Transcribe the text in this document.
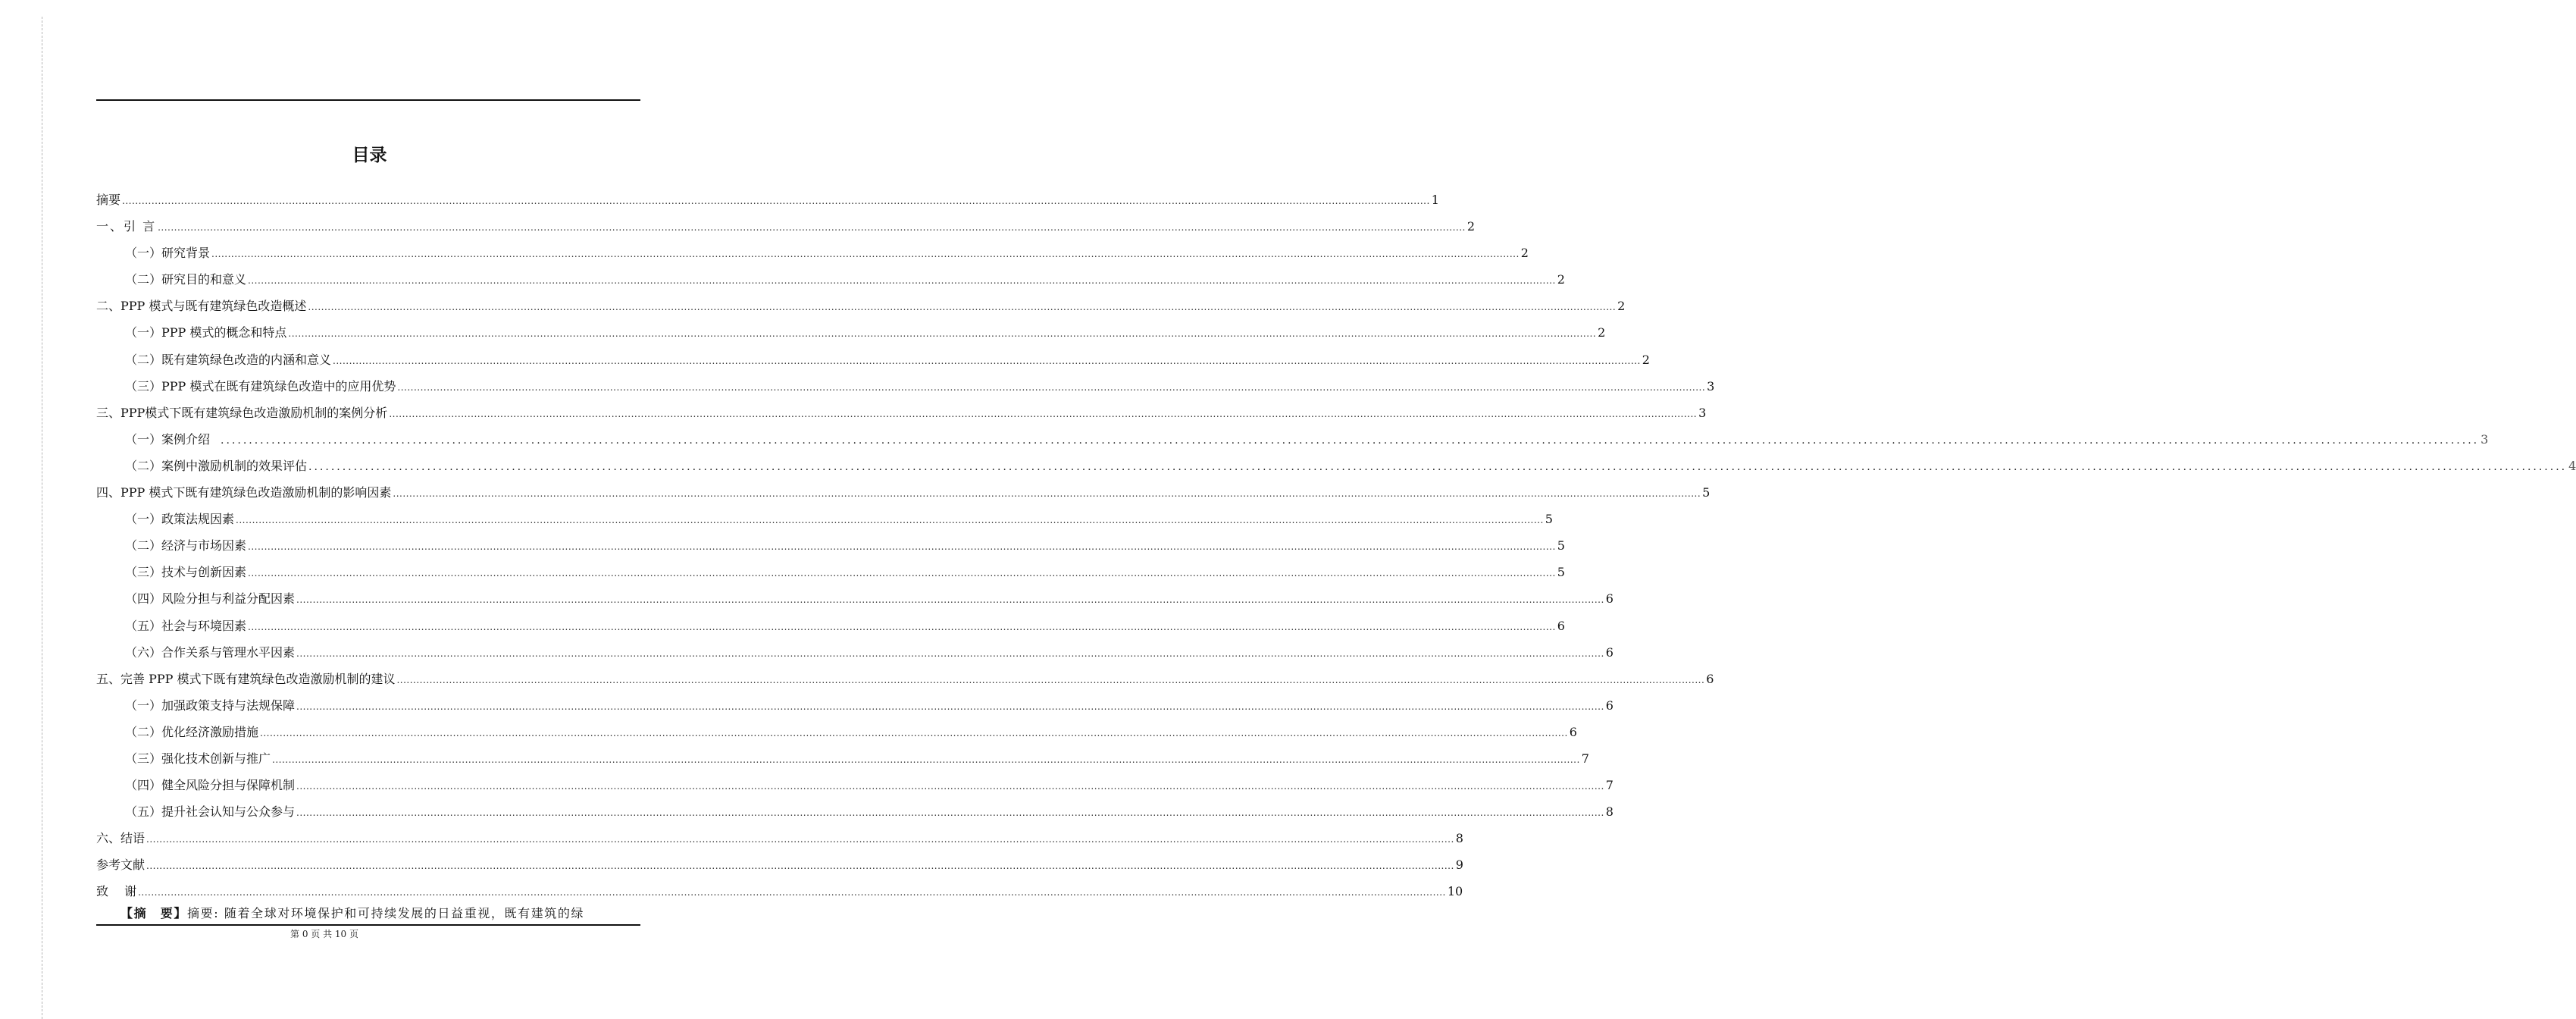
目录
摘要 ................................................................................................................................................................................................................................................................................................................................................................................................................ 1
一、引 言 ................................................................................................................................................................................................................................................................................................................................................................................................................ 2
（一）研究背景 ................................................................................................................................................................................................................................................................................................................................................................................................................ 2
（二）研究目的和意义 ................................................................................................................................................................................................................................................................................................................................................................................................................ 2
二、PPP 模式与既有建筑绿色改造概述 ................................................................................................................................................................................................................................................................................................................................................................................................................ 2
（一）PPP 模式的概念和特点 ................................................................................................................................................................................................................................................................................................................................................................................................................ 2
（二）既有建筑绿色改造的内涵和意义 ................................................................................................................................................................................................................................................................................................................................................................................................................ 2
（三）PPP 模式在既有建筑绿色改造中的应用优势 ................................................................................................................................................................................................................................................................................................................................................................................................................ 3
三、PPP模式下既有建筑绿色改造激励机制的案例分析 ................................................................................................................................................................................................................................................................................................................................................................................................................ 3
（一）案例介绍 ................................................................................................................................................................................................................................................................................................................................................................................................................ 3
（二）案例中激励机制的效果评估 ................................................................................................................................................................................................................................................................................................................................................................................................................ 4
四、PPP 模式下既有建筑绿色改造激励机制的影响因素 ................................................................................................................................................................................................................................................................................................................................................................................................................ 5
（一）政策法规因素 ................................................................................................................................................................................................................................................................................................................................................................................................................ 5
（二）经济与市场因素 ................................................................................................................................................................................................................................................................................................................................................................................................................ 5
（三）技术与创新因素 ................................................................................................................................................................................................................................................................................................................................................................................................................ 5
（四）风险分担与利益分配因素 ................................................................................................................................................................................................................................................................................................................................................................................................................ 6
（五）社会与环境因素 ................................................................................................................................................................................................................................................................................................................................................................................................................ 6
（六）合作关系与管理水平因素 ................................................................................................................................................................................................................................................................................................................................................................................................................ 6
五、完善 PPP 模式下既有建筑绿色改造激励机制的建议 ................................................................................................................................................................................................................................................................................................................................................................................................................ 6
（一）加强政策支持与法规保障 ................................................................................................................................................................................................................................................................................................................................................................................................................ 6
（二）优化经济激励措施 ................................................................................................................................................................................................................................................................................................................................................................................................................ 6
（三）强化技术创新与推广 ................................................................................................................................................................................................................................................................................................................................................................................................................ 7
（四）健全风险分担与保障机制 ................................................................................................................................................................................................................................................................................................................................................................................................................ 7
（五）提升社会认知与公众参与 ................................................................................................................................................................................................................................................................................................................................................................................................................ 8
六、结语 ................................................................................................................................................................................................................................................................................................................................................................................................................ 8
参考文献 ................................................................................................................................................................................................................................................................................................................................................................................................................ 9
致　 谢 ................................................................................................................................................................................................................................................................................................................................................................................................................ 10
【摘　要】摘要: 随着全球对环境保护和可持续发展的日益重视，既有建筑的绿
第 0 页 共 10 页
